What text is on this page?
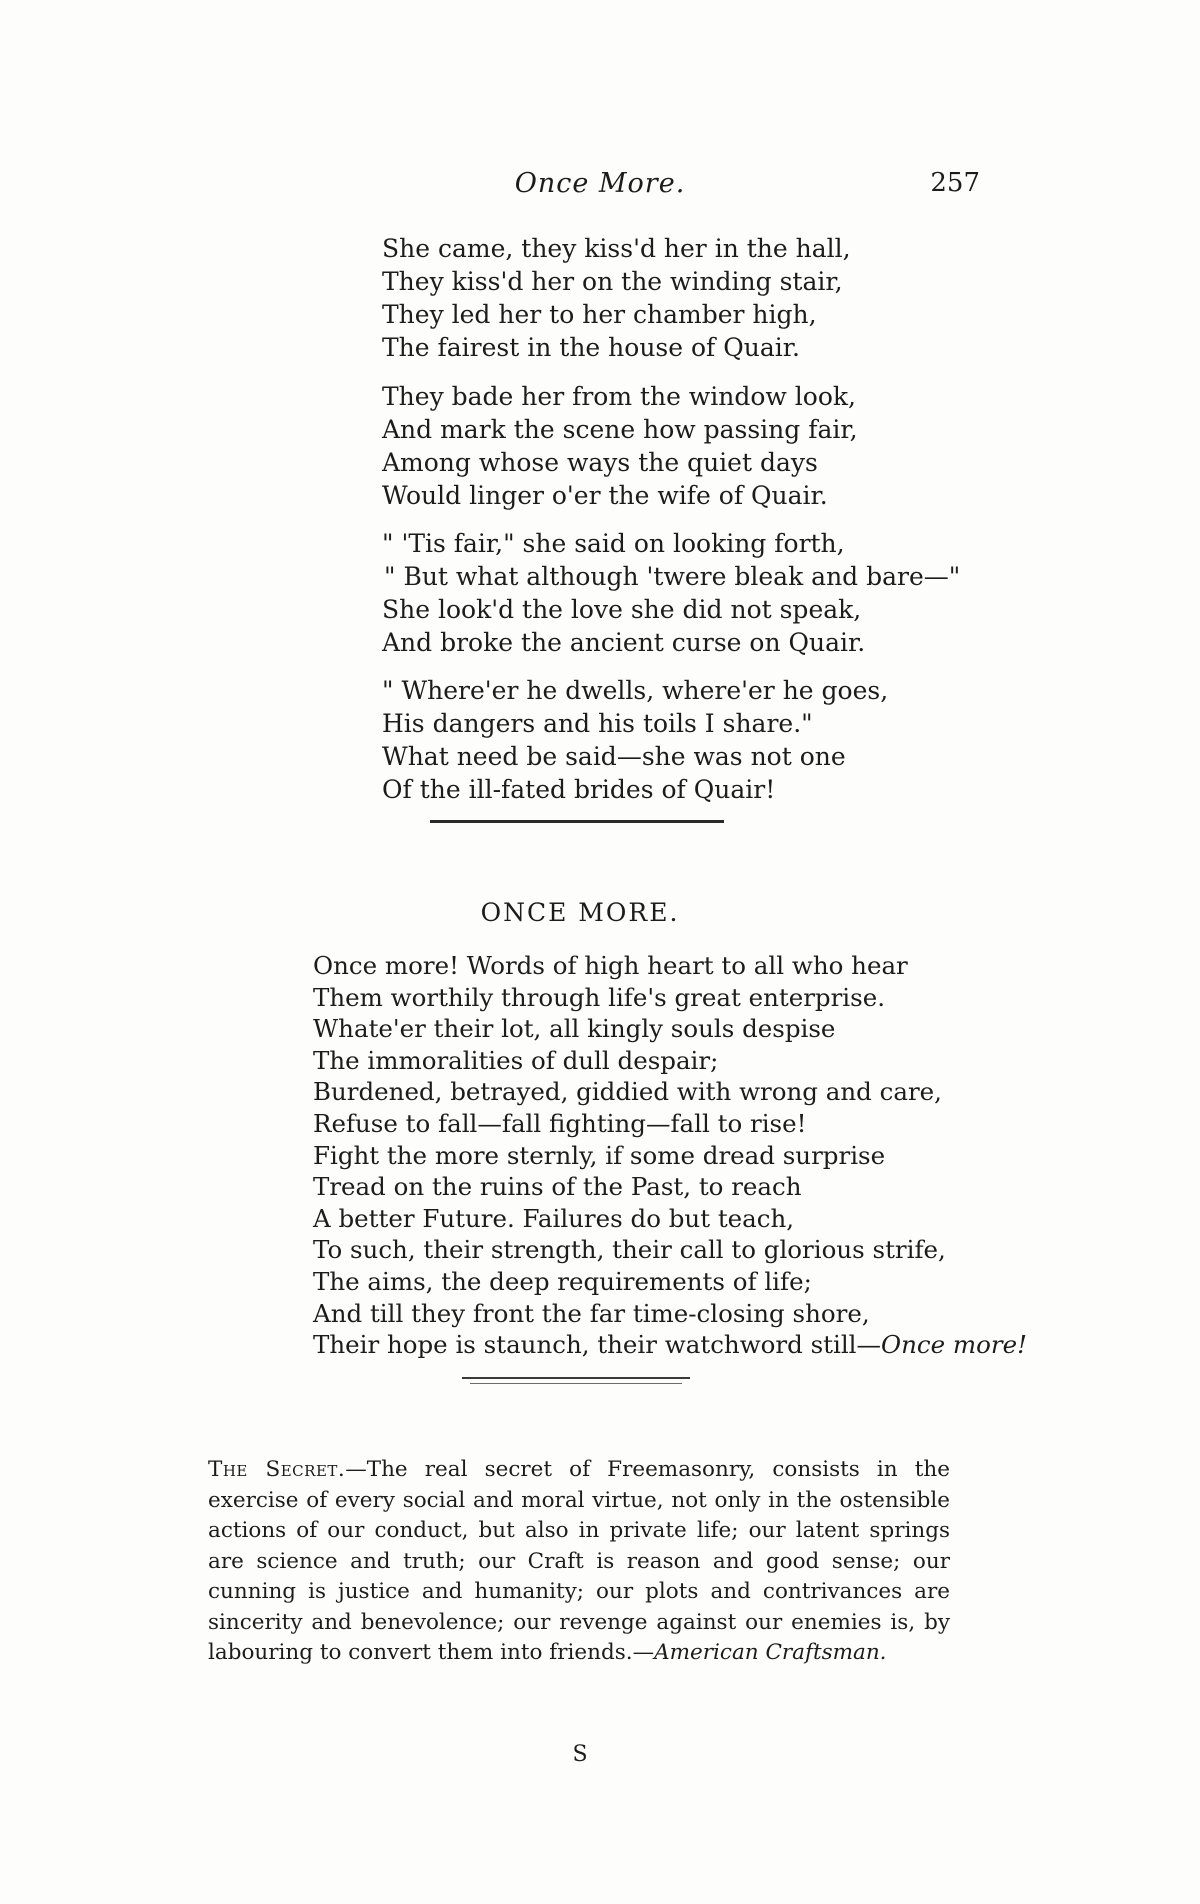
Once More.	257
She came, they kiss'd her in the hall,
They kiss'd her on the winding stair,
They led her to her chamber high,
The fairest in the house of Quair.
They bade her from the window look,
And mark the scene how passing fair,
Among whose ways the quiet days
Would linger o'er the wife of Quair.
" 'Tis fair," she said on looking forth,
" But what although 'twere bleak and bare—"
She look'd the love she did not speak,
And broke the ancient curse on Quair.
" Where'er he dwells, where'er he goes,
His dangers and his toils I share."
What need be said—she was not one
Of the ill-fated brides of Quair!
ONCE MORE.
Once more! Words of high heart to all who hear
Them worthily through life's great enterprise.
Whate'er their lot, all kingly souls despise
The immoralities of dull despair;
Burdened, betrayed, giddied with wrong and care,
Refuse to fall—fall fighting—fall to rise!
Fight the more sternly, if some dread surprise
Tread on the ruins of the Past, to reach
A better Future. Failures do but teach,
To such, their strength, their call to glorious strife,
The aims, the deep requirements of life;
And till they front the far time-closing shore,
Their hope is staunch, their watchword still—Once more!

The Secret.—The real secret of Freemasonry, consists in the exercise of every social and moral virtue, not only in the ostensible actions of our conduct, but also in private life; our latent springs are science and truth; our Craft is reason and good sense; our cunning is justice and humanity; our plots and contrivances are sincerity and benevolence; our revenge against our enemies is, by labouring to convert them into friends.—American Craftsman.

S
